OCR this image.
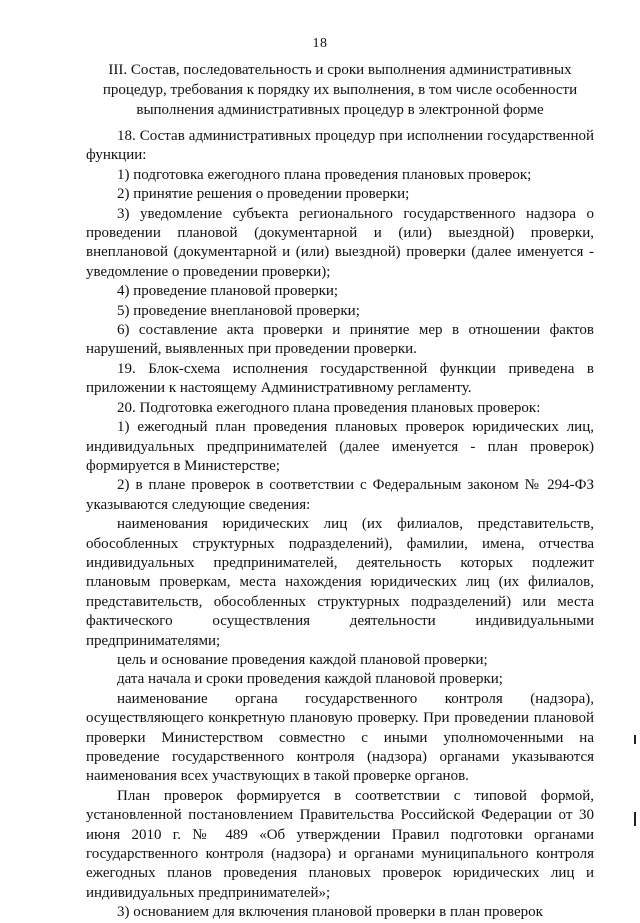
18
III. Состав, последовательность и сроки выполнения административных
процедур, требования к порядку их выполнения, в том числе особенности
выполнения административных процедур в электронной форме

18. Состав административных процедур при исполнении государственной функции:

1) подготовка ежегодного плана проведения плановых проверок;

2) принятие решения о проведении проверки;

3) уведомление субъекта регионального государственного надзора о проведении плановой (документарной и (или) выездной) проверки, внеплановой (документарной и (или) выездной) проверки (далее именуется - уведомление о проведении проверки);

4) проведение плановой проверки;

5) проведение внеплановой проверки;

6) составление акта проверки и принятие мер в отношении фактов нарушений, выявленных при проведении проверки.

19. Блок-схема исполнения государственной функции приведена в приложении к настоящему Административному регламенту.

20. Подготовка ежегодного плана проведения плановых проверок:

1) ежегодный план проведения плановых проверок юридических лиц, индивидуальных предпринимателей (далее именуется - план проверок) формируется в Министерстве;

2) в плане проверок в соответствии с Федеральным законом № 294-ФЗ указываются следующие сведения:

наименования юридических лиц (их филиалов, представительств, обособленных структурных подразделений), фамилии, имена, отчества индивидуальных предпринимателей, деятельность которых подлежит плановым проверкам, места нахождения юридических лиц (их филиалов, представительств, обособленных структурных подразделений) или места фактического осуществления деятельности индивидуальными предпринимателями;

цель и основание проведения каждой плановой проверки;

дата начала и сроки проведения каждой плановой проверки;

наименование органа государственного контроля (надзора), осуществляющего конкретную плановую проверку. При проведении плановой проверки Министерством совместно с иными уполномоченными на проведение государственного контроля (надзора) органами указываются наименования всех участвующих в такой проверке органов.

План проверок формируется в соответствии с типовой формой, установленной постановлением Правительства Российской Федерации от 30 июня 2010 г. № 489 «Об утверждении Правил подготовки органами государственного контроля (надзора) и органами муниципального контроля ежегодных планов проведения плановых проверок юридических лиц и индивидуальных предпринимателей»;

3) основанием для включения плановой проверки в план проверок
